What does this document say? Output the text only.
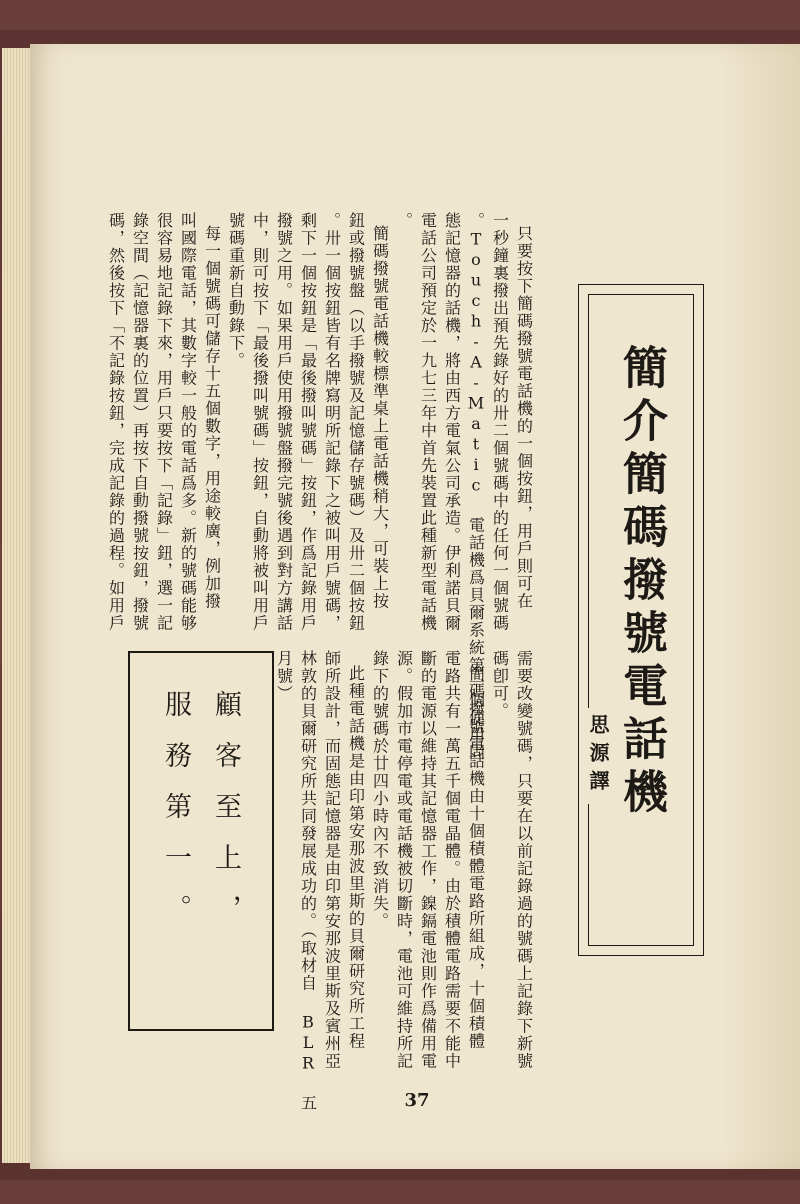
簡介簡碼撥號電話機
思源譯
只要按下簡碼撥號電話機的一個按鈕，用戶則可在
一秒鐘裏撥出預先錄好的卅二個號碼中的任何一個號碼
。Touch-A-Matic 電話機爲貝爾系統第一個使用固
態記憶器的話機，將由西方電氣公司承造。伊利諾貝爾
電話公司預定於一九七三年中首先裝置此種新型電話機
。
簡碼撥號電話機較標準桌上電話機稍大，可裝上按
鈕或撥號盤（以手撥號及記憶儲存號碼）及卅二個按鈕
。卅一個按鈕皆有名牌寫明所記錄下之被叫用戶號碼，
剩下一個按鈕是「最後撥叫號碼」按鈕，作爲記錄用戶
撥號之用。如果用戶使用撥號盤撥完號後遇到對方講話
中，則可按下「最後撥叫號碼」按鈕，自動將被叫用戶
號碼重新自動錄下。
每一個號碼可儲存十五個數字，用途較廣，例加撥
叫國際電話，其數字較一般的電話爲多。新的號碼能够
很容易地記錄下來，用戶只要按下「記錄」鈕，選一記
錄空間（記憶器裏的位置）再按下自動撥號按鈕，撥號
碼，然後按下「不記錄按鈕，完成記錄的過程。如用戶
需要改變號碼，只要在以前記錄過的號碼上記錄下新號
碼卽可。
簡碼撥號電話機由十個積體電路所組成，十個積體
電路共有一萬五千個電晶體。由於積體電路需要不能中
斷的電源以維持其記憶器工作，鎳鎘電池則作爲備用電
源。假加市電停電或電話機被切斷時，電池可維持所記
錄下的號碼於廿四小時內不致消失。
此種電話機是由印第安那波里斯的貝爾研究所工程
師所設計，而固態記憶器是由印第安那波里斯及賓州亞
林敦的貝爾研究所共同發展成功的。（取材自 BLR 五
月號）
顧客至上，
服務第一。
37
